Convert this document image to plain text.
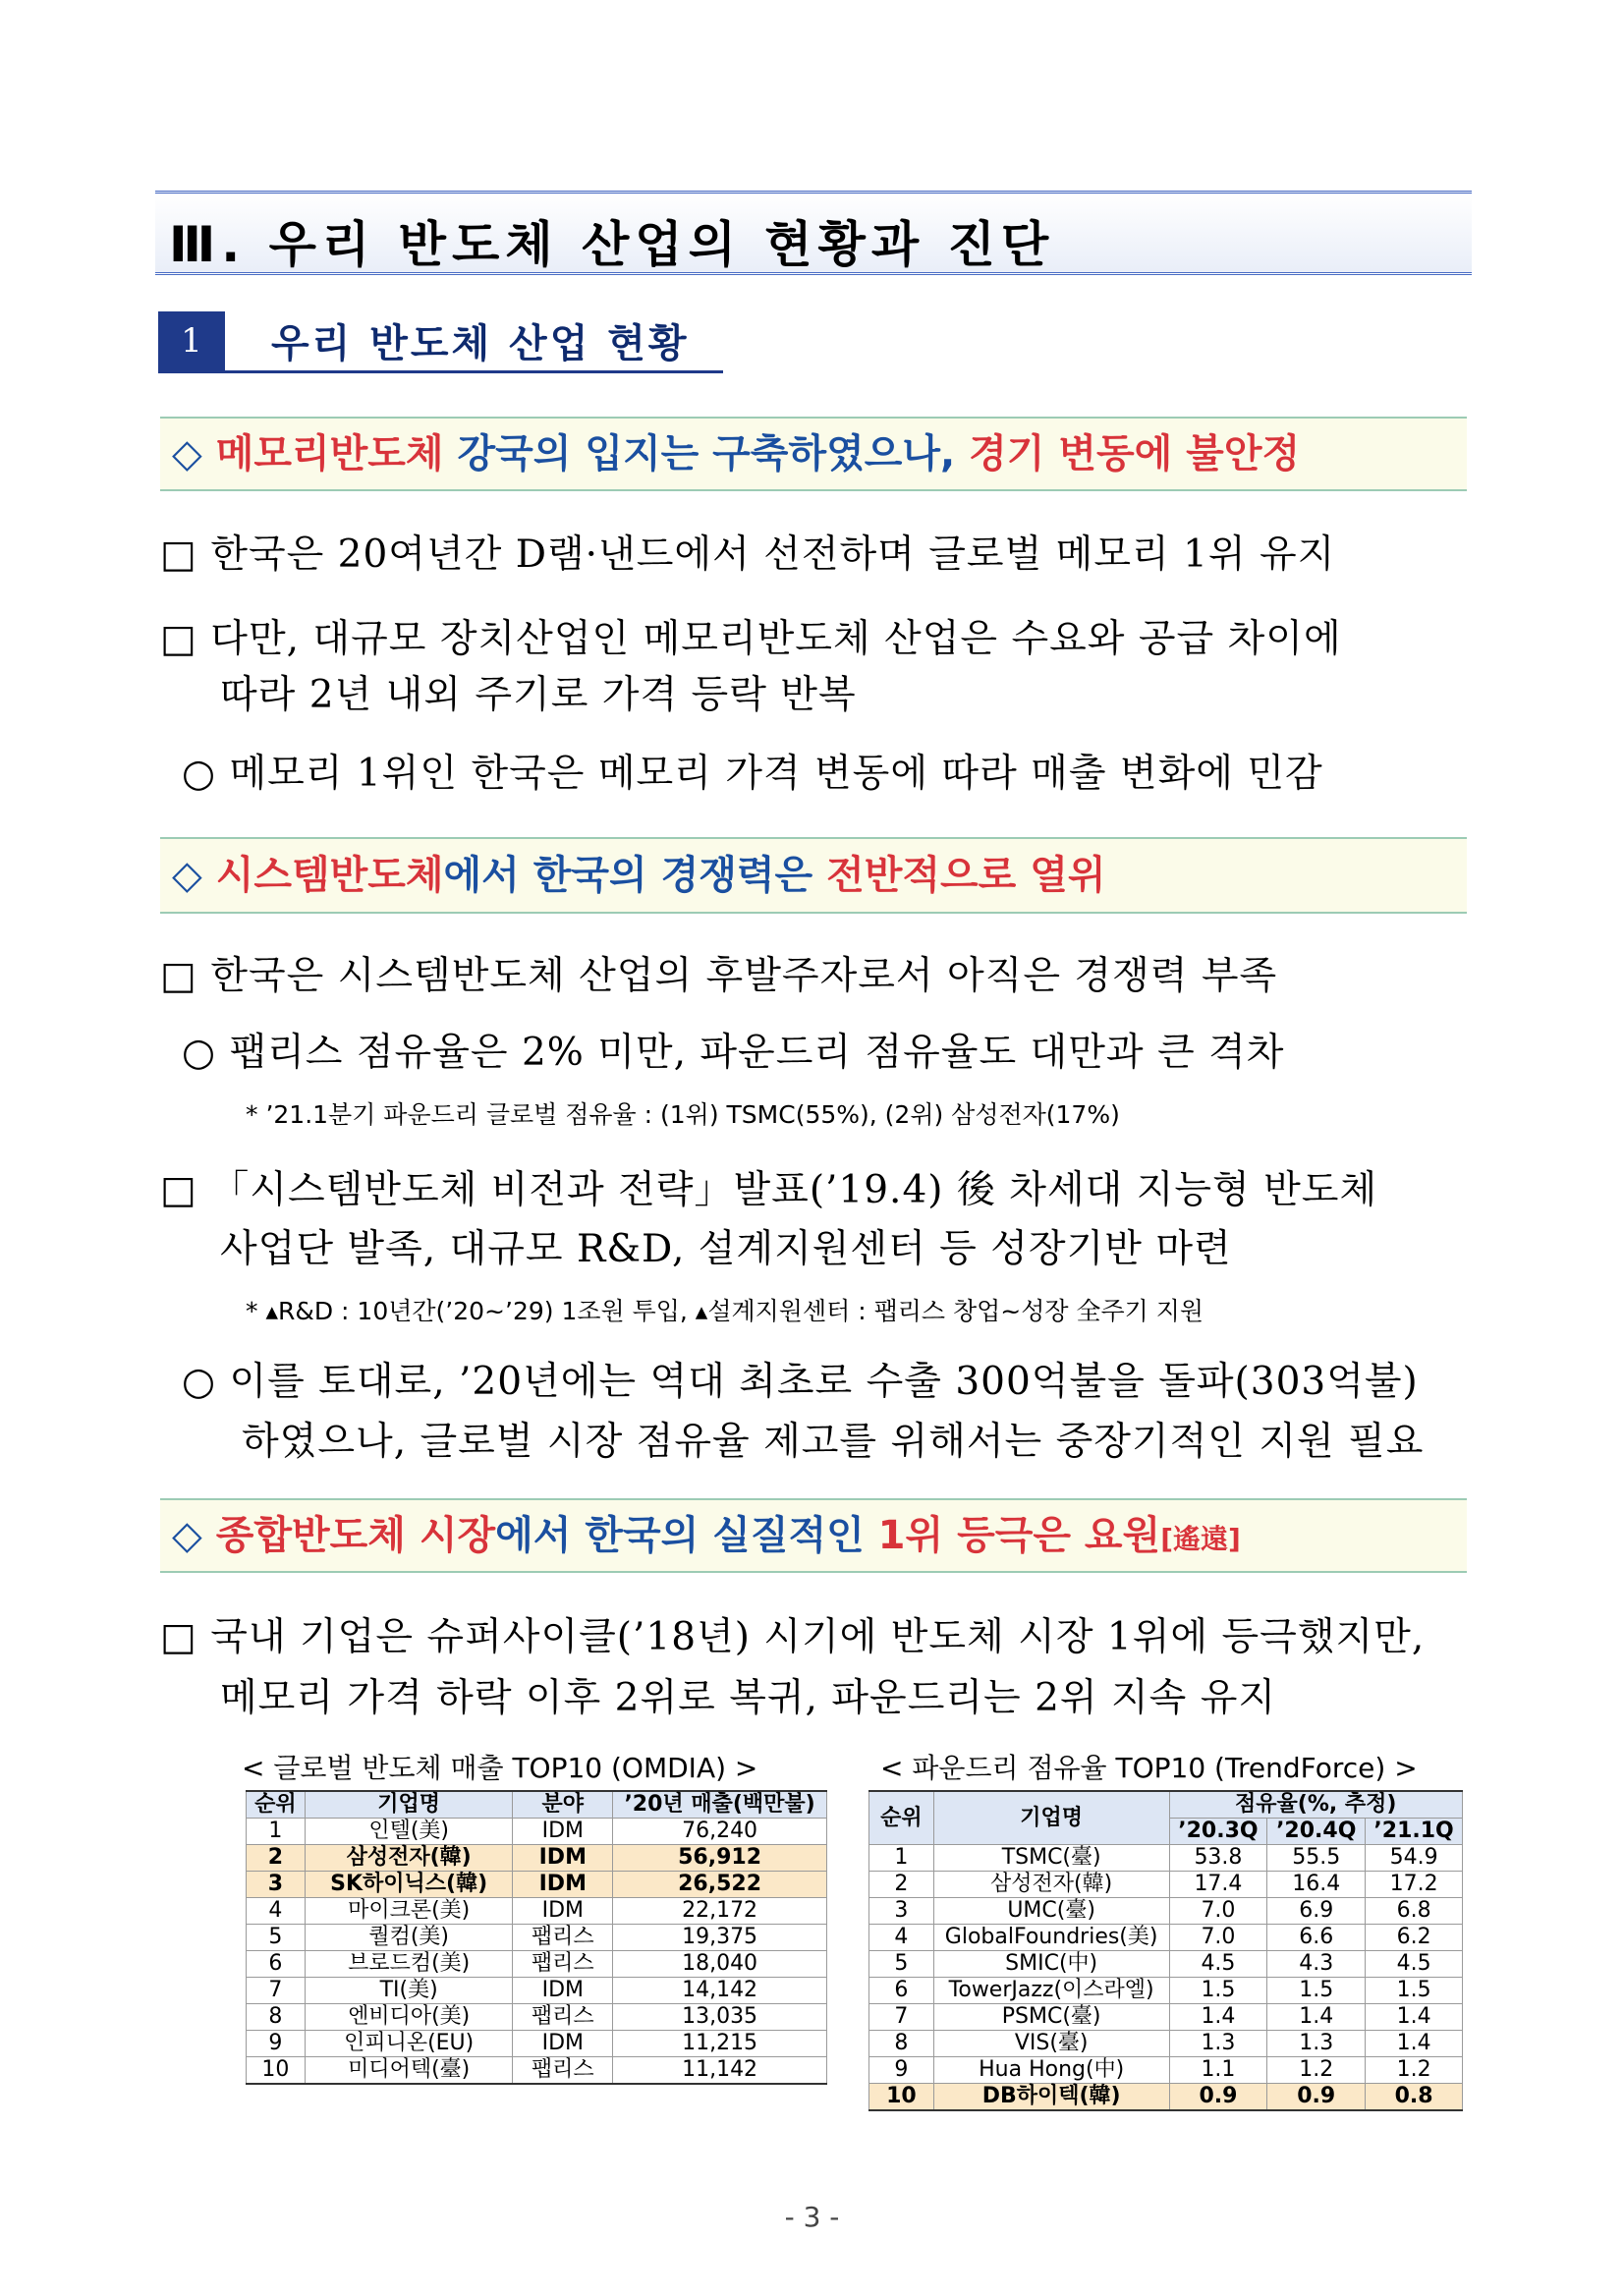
Ⅲ. 우리 반도체 산업의 현황과 진단
1	우리 반도체 산업 현황
◇ 메모리반도체 강국의 입지는 구축하였으나, 경기 변동에 불안정
□ 한국은 20여년간 D램·낸드에서 선전하며 글로벌 메모리 1위 유지
□ 다만, 대규모 장치산업인 메모리반도체 산업은 수요와 공급 차이에
따라 2년 내외 주기로 가격 등락 반복
○ 메모리 1위인 한국은 메모리 가격 변동에 따라 매출 변화에 민감
◇ 시스템반도체에서 한국의 경쟁력은 전반적으로 열위
□ 한국은 시스템반도체 산업의 후발주자로서 아직은 경쟁력 부족
○ 팹리스 점유율은 2% 미만, 파운드리 점유율도 대만과 큰 격차
* ’21.1분기 파운드리 글로벌 점유율 : (1위) TSMC(55%), (2위) 삼성전자(17%)
□ 「시스템반도체 비전과 전략」발표(’19.4) 後 차세대 지능형 반도체
사업단 발족, 대규모 R&D, 설계지원센터 등 성장기반 마련
* ▴R&D : 10년간(’20~’29) 1조원 투입, ▴설계지원센터 : 팹리스 창업~성장 全주기 지원
○ 이를 토대로, ’20년에는 역대 최초로 수출 300억불을 돌파(303억불)
하였으나, 글로벌 시장 점유율 제고를 위해서는 중장기적인 지원 필요
◇ 종합반도체 시장에서 한국의 실질적인 1위 등극은 요원[遙遠]
□ 국내 기업은 슈퍼사이클(’18년) 시기에 반도체 시장 1위에 등극했지만,
메모리 가격 하락 이후 2위로 복귀, 파운드리는 2위 지속 유지
< 글로벌 반도체 매출 TOP10 (OMDIA) >	< 파운드리 점유율 TOP10 (TrendForce) >
순위	기업명	분야	’20년 매출(백만불)
1	인텔(美)	IDM	76,240
2	삼성전자(韓)	IDM	56,912
3	SK하이닉스(韓)	IDM	26,522
4	마이크론(美)	IDM	22,172
5	퀄컴(美)	팹리스	19,375
6	브로드컴(美)	팹리스	18,040
7	TI(美)	IDM	14,142
8	엔비디아(美)	팹리스	13,035
9	인피니온(EU)	IDM	11,215
10	미디어텍(臺)	팹리스	11,142
순위	기업명	점유율(%, 추정)		
		’20.3Q	’20.4Q	’21.1Q
1	TSMC(臺)	53.8	55.5	54.9
2	삼성전자(韓)	17.4	16.4	17.2
3	UMC(臺)	7.0	6.9	6.8
4	GlobalFoundries(美)	7.0	6.6	6.2
5	SMIC(中)	4.5	4.3	4.5
6	TowerJazz(이스라엘)	1.5	1.5	1.5
7	PSMC(臺)	1.4	1.4	1.4
8	VIS(臺)	1.3	1.3	1.4
9	Hua Hong(中)	1.1	1.2	1.2
10	DB하이텍(韓)	0.9	0.9	0.8
- 3 -
